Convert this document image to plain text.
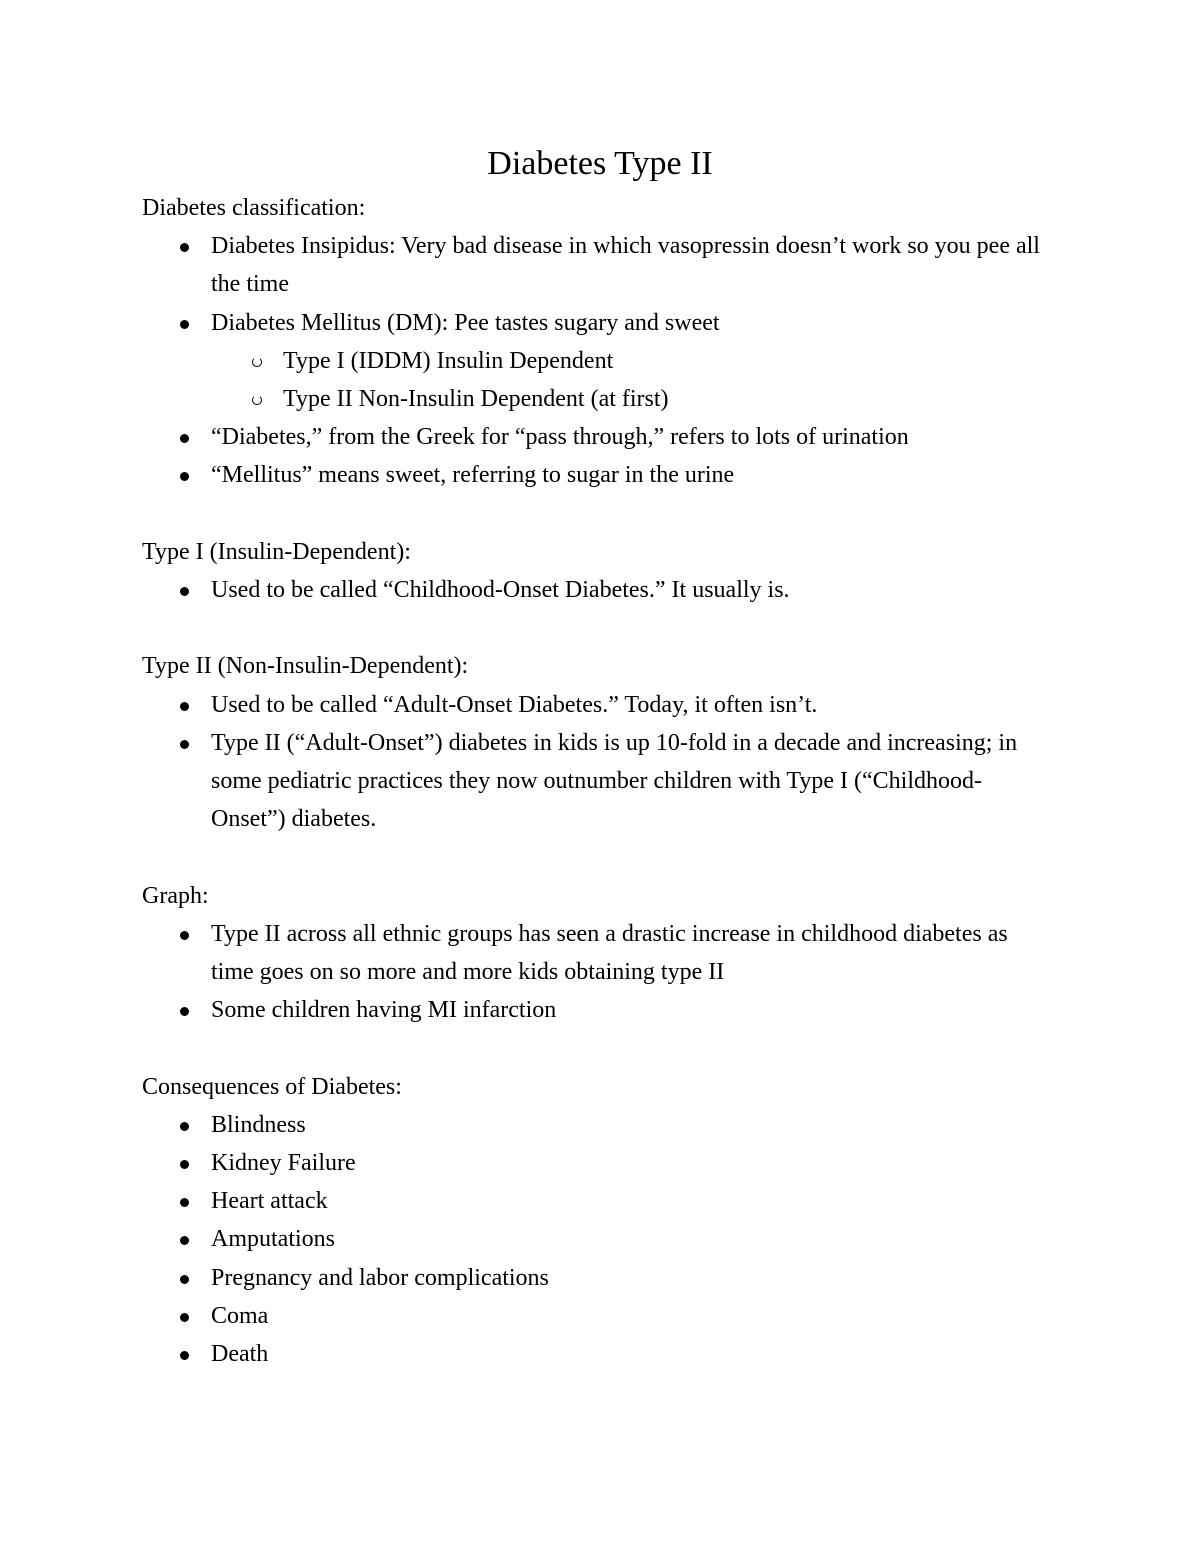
Diabetes Type II

Diabetes classification:

Diabetes Insipidus: Very bad disease in which vasopressin doesn’t work so you pee all the time
Diabetes Mellitus (DM): Pee tastes sugary and sweet
Type I (IDDM) Insulin Dependent
Type II Non-Insulin Dependent (at first)
“Diabetes,” from the Greek for “pass through,” refers to lots of urination
“Mellitus” means sweet, referring to sugar in the urine

Type I (Insulin-Dependent):

Used to be called “Childhood-Onset Diabetes.” It usually is.

Type II (Non-Insulin-Dependent):

Used to be called “Adult-Onset Diabetes.” Today, it often isn’t.
Type II (“Adult-Onset”) diabetes in kids is up 10-fold in a decade and increasing; in some pediatric practices they now outnumber children with Type I (“Childhood-Onset”) diabetes.

Graph:

Type II across all ethnic groups has seen a drastic increase in childhood diabetes as time goes on so more and more kids obtaining type II
Some children having MI infarction

Consequences of Diabetes:

Blindness
Kidney Failure
Heart attack
Amputations
Pregnancy and labor complications
Coma
Death
